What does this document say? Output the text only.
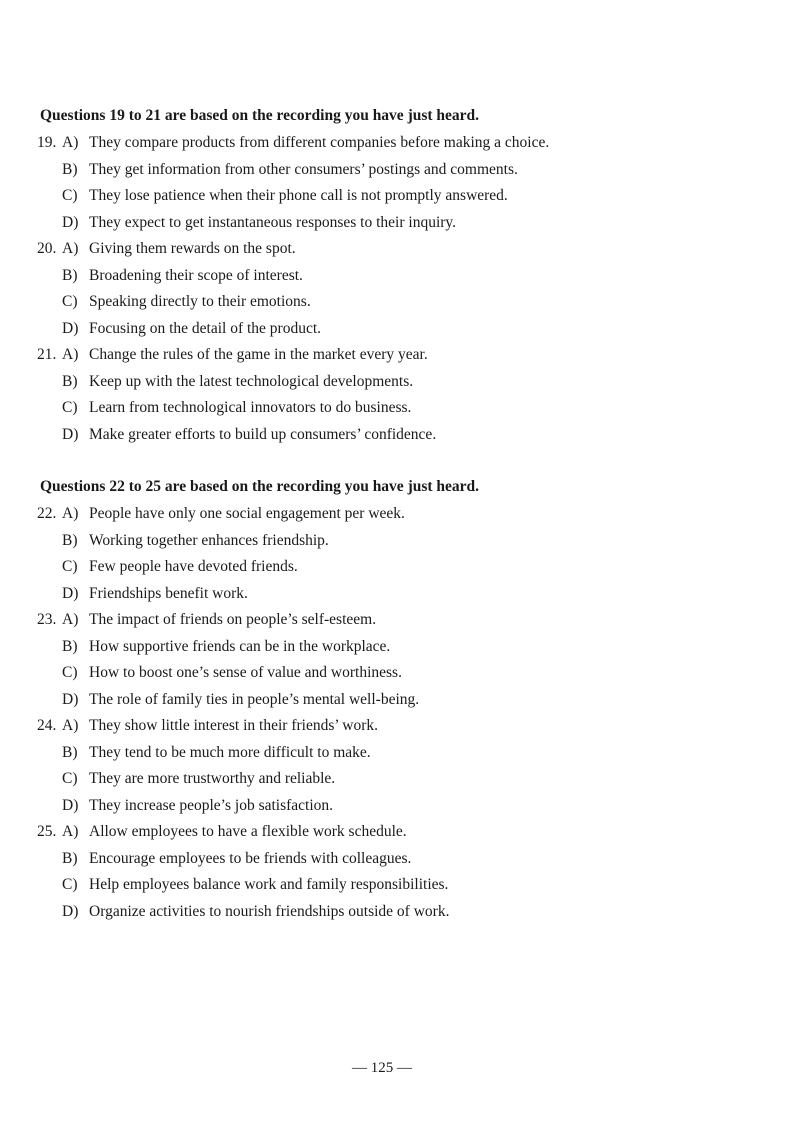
Questions 19 to 21 are based on the recording you have just heard.
19. A) They compare products from different companies before making a choice.
B) They get information from other consumers’ postings and comments.
C) They lose patience when their phone call is not promptly answered.
D) They expect to get instantaneous responses to their inquiry.
20. A) Giving them rewards on the spot.
B) Broadening their scope of interest.
C) Speaking directly to their emotions.
D) Focusing on the detail of the product.
21. A) Change the rules of the game in the market every year.
B) Keep up with the latest technological developments.
C) Learn from technological innovators to do business.
D) Make greater efforts to build up consumers’ confidence.
Questions 22 to 25 are based on the recording you have just heard.
22. A) People have only one social engagement per week.
B) Working together enhances friendship.
C) Few people have devoted friends.
D) Friendships benefit work.
23. A) The impact of friends on people’s self-esteem.
B) How supportive friends can be in the workplace.
C) How to boost one’s sense of value and worthiness.
D) The role of family ties in people’s mental well-being.
24. A) They show little interest in their friends’ work.
B) They tend to be much more difficult to make.
C) They are more trustworthy and reliable.
D) They increase people’s job satisfaction.
25. A) Allow employees to have a flexible work schedule.
B) Encourage employees to be friends with colleagues.
C) Help employees balance work and family responsibilities.
D) Organize activities to nourish friendships outside of work.
— 125 —
